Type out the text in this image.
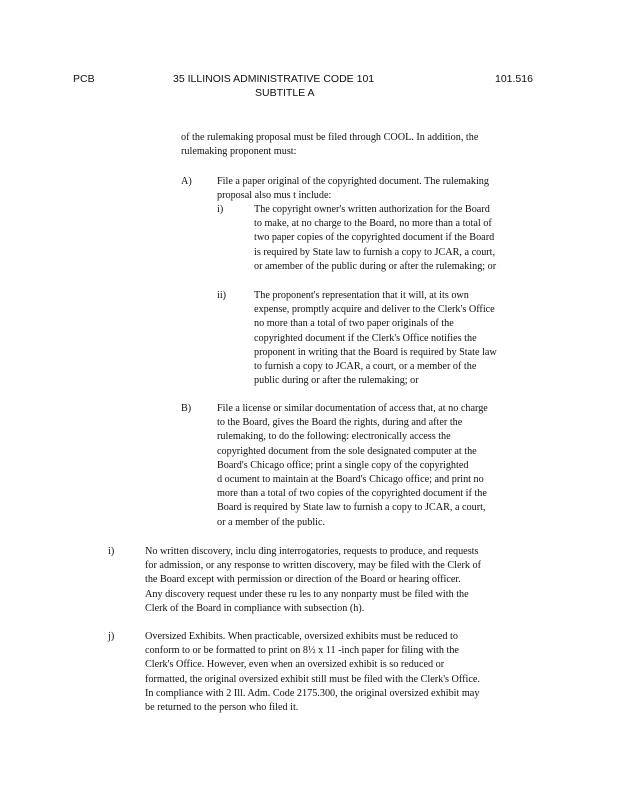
PCB	35 ILLINOIS ADMINISTRATIVE CODE 101
SUBTITLE A
101.516
of the rulemaking proposal must be filed through COOL. In addition, the
rulemaking proponent must:
A) File a paper original of the copyrighted document. The rulemaking
proposal also mus t include:
i)	The copyright owner's written authorization for the Board
to make, at no charge to the Board, no more than a total of
two paper copies of the copyrighted document if the Board
is required by State law to furnish a copy to JCAR, a court,
or amember of the public during or after the rulemaking; or
ii)	The proponent's representation that it will, at its own
expense, promptly acquire and deliver to the Clerk's Office
no more than a total of two paper originals of the
copyrighted document if the Clerk's Office notifies the
proponent in writing that the Board is required by State law
to furnish a copy to JCAR, a court, or a member of the
public during or after the rulemaking; or
B)	File a license or similar documentation of access that, at no charge
to the Board, gives the Board the rights, during and after the
rulemaking, to do the following: electronically access the
copyrighted document from the sole designated computer at the
Board's Chicago office; print a single copy of the copyrighted
d ocument to maintain at the Board's Chicago office; and print no
more than a total of two copies of the copyrighted document if the
Board is required by State law to furnish a copy to JCAR, a court,
or a member of the public.
i)	No written discovery, inclu ding interrogatories, requests to produce, and requests
for admission, or any response to written discovery, may be filed with the Clerk of
the Board except with permission or direction of the Board or hearing officer.
Any discovery request under these ru les to any nonparty must be filed with the
Clerk of the Board in compliance with subsection (h).
j)	Oversized Exhibits. When practicable, oversized exhibits must be reduced to
conform to or be formatted to print on 8½ x 11 -inch paper for filing with the
Clerk's Office. However, even when an oversized exhibit is so reduced or
formatted, the original oversized exhibit still must be filed with the Clerk's Office.
In compliance with 2 Ill. Adm. Code 2175.300, the original oversized exhibit may
be returned to the person who filed it.
